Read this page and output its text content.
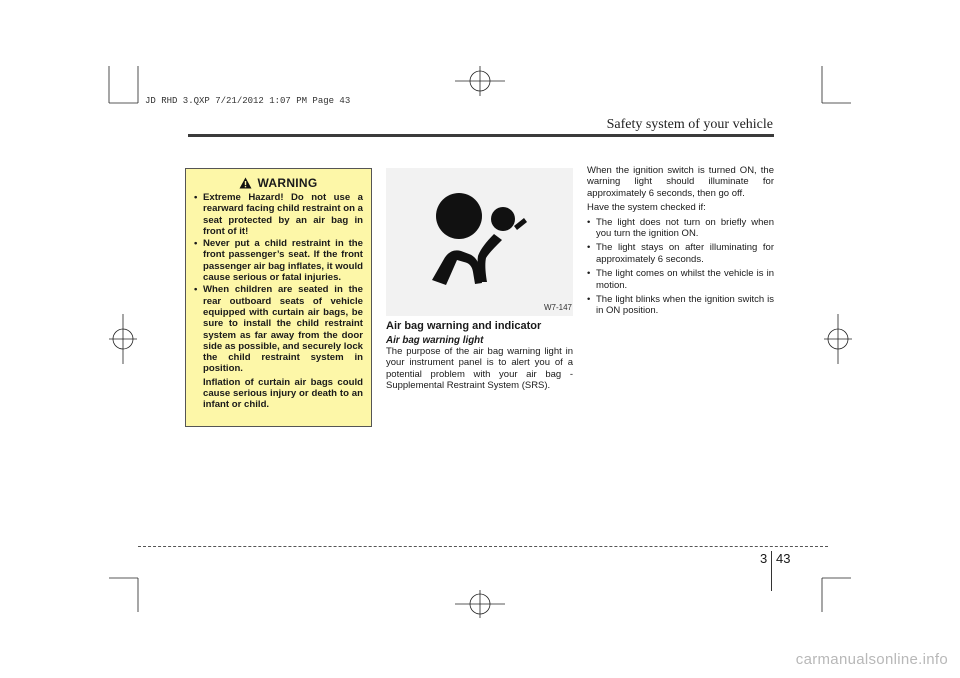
JD RHD 3.QXP 7/21/2012 1:07 PM Page 43
Safety system of your vehicle
WARNING
• Extreme Hazard! Do not use a rearward facing child restraint on a seat protected by an air bag in front of it!
• Never put a child restraint in the front passenger’s seat. If the front passenger air bag inflates, it would cause serious or fatal injuries.
• When children are seated in the rear outboard seats of vehicle equipped with curtain air bags, be sure to install the child restraint system as far away from the door side as possible, and securely lock the child restraint system in position.

Inflation of curtain air bags could cause serious injury or death to an infant or child.

W7-147
Air bag warning and indicator
Air bag warning light
The purpose of the air bag warning light in your instrument panel is to alert you of a potential problem with your air bag - Supplemental Restraint System (SRS).

When the ignition switch is turned ON, the warning light should illuminate for approximately 6 seconds, then go off.

Have the system checked if:

• The light does not turn on briefly when you turn the ignition ON.
• The light stays on after illuminating for approximately 6 seconds.
• The light comes on whilst the vehicle is in motion.
• The light blinks when the ignition switch is in ON position.
3 43
carmanualsonline.info
